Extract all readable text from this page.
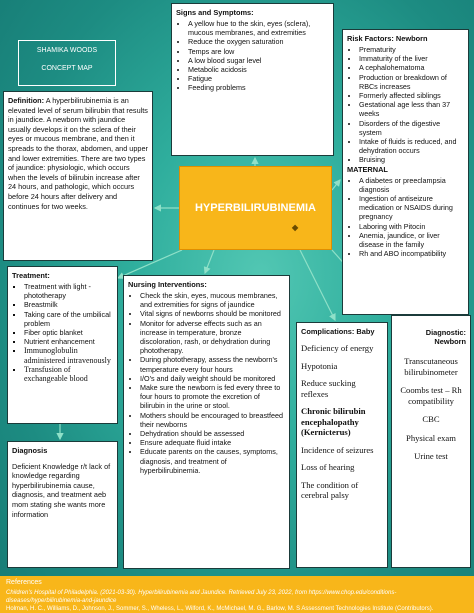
SHAMIKA WOODS
CONCEPT MAP
Definition: A hyperbilirubinemia is an elevated level of serum bilirubin that results in jaundice. A newborn with jaundice usually develops it on the sclera of their eyes or mucous membrane, and then it spreads to the thorax, abdomen, and upper and lower extremities. There are two types of jaundice: physiologic, which occurs when the levels of bilirubin increase after 24 hours, and pathologic, which occurs before 24 hours after delivery and continues for two weeks.	HYPERBILIRUBINEMIA
◆
Signs and Symptoms:
• A yellow hue to the skin, eyes (sclera), mucous membranes, and extremities
• Reduce the oxygen saturation
• Temps are low
• A low blood sugar level
• Metabolic acidosis
• Fatigue
• Feeding problems
Risk Factors: Newborn
• Prematurity
• Immaturity of the liver
• A cephalohematoma
• Production or breakdown of RBCs increases
• Formerly affected siblings
• Gestational age less than 37 weeks
• Disorders of the digestive system
• Intake of fluids is reduced, and dehydration occurs
• Bruising
MATERNAL
• A diabetes or preeclampsia diagnosis
• Ingestion of antiseizure medication or NSAIDS during pregnancy
• Laboring with Pitocin
• Anemia, jaundice, or liver disease in the family
• Rh and ABO incompatibility
Treatment:
▪ Treatment with light - phototherapy
▪ Breastmilk
▪ Taking care of the umbilical problem
▪ Fiber optic blanket
▪ Nutrient enhancement
▪ Immunoglobulin administered intravenously
▪ Transfusion of exchangeable blood
Diagnosis
Deficient Knowledge r/t lack of knowledge regarding hyperbilirubinemia cause, diagnosis, and treatment aeb mom stating she wants more information
Nursing Interventions:
• Check the skin, eyes, mucous membranes, and extremities for signs of jaundice
• Vital signs of newborns should be monitored
• Monitor for adverse effects such as an increase in temperature, bronze discoloration, rash, or dehydration during phototherapy.
• During phototherapy, assess the newborn's temperature every four hours
• I/O's and daily weight should be monitored
• Make sure the newborn is fed every three to four hours to promote the excretion of bilirubin in the urine or stool.
• Mothers should be encouraged to breastfeed their newborns
• Dehydration should be assessed
• Ensure adequate fluid intake
• Educate parents on the causes, symptoms, diagnosis, and treatment of hyperbilirubinemia.
Complications: Baby

Deficiency of energy

Hypotonia

Reduce sucking reflexes

Chronic bilirubin encephalopathy (Kernicterus)

Incidence of seizures

Loss of hearing

The condition of cerebral palsy

Diagnostic: Newborn

Transcutaneous bilirubinometer

Coombs test – Rh compatibility

CBC

Physical exam

Urine test

References
Children's Hospital of Philadelphia. (2021-03-30). Hyperbilirubinemia and Jaundice. Retrieved July 23, 2022, from https://www.chop.edu/conditions-diseases/hyperbilirubinemia-and-jaundice
Holman, H. C., Williams, D., Johnson, J., Sommer, S., Wheless, L., Wilford, K., McMichael, M. G., Barlow, M. S Assessment Technologies Institute (Contributors).
